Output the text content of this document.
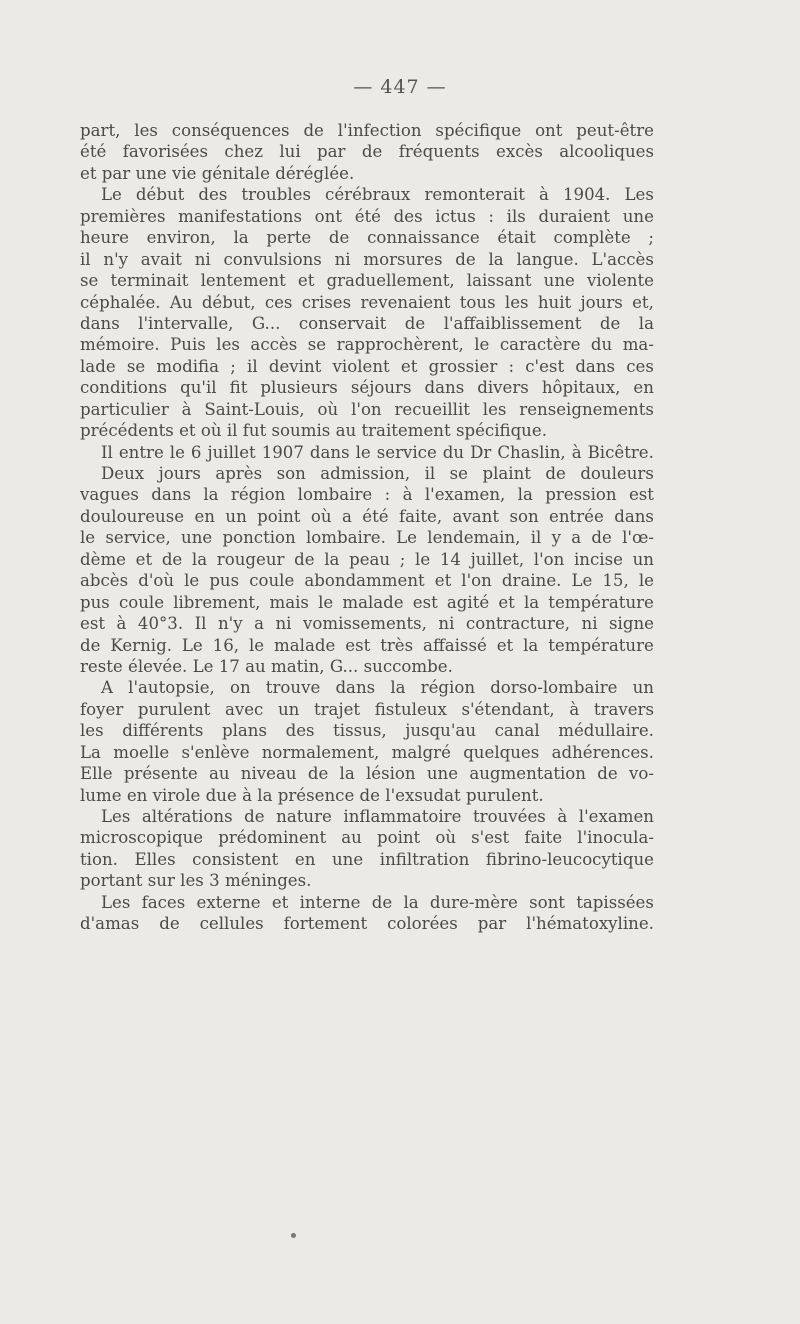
— 447 —
part, les conséquences de l'infection spécifique ont peut-être
été favorisées chez lui par de fréquents excès alcooliques
et par une vie génitale déréglée.
Le début des troubles cérébraux remonterait à 1904. Les
premières manifestations ont été des ictus : ils duraient une
heure environ, la perte de connaissance était complète ;
il n'y avait ni convulsions ni morsures de la langue. L'accès
se terminait lentement et graduellement, laissant une violente
céphalée. Au début, ces crises revenaient tous les huit jours et,
dans l'intervalle, G... conservait de l'affaiblissement de la
mémoire. Puis les accès se rapprochèrent, le caractère du ma-
lade se modifia ; il devint violent et grossier : c'est dans ces
conditions qu'il fit plusieurs séjours dans divers hôpitaux, en
particulier à Saint-Louis, où l'on recueillit les renseignements
précédents et où il fut soumis au traitement spécifique.
Il entre le 6 juillet 1907 dans le service du Dr Chaslin, à Bicêtre.
Deux jours après son admission, il se plaint de douleurs
vagues dans la région lombaire : à l'examen, la pression est
douloureuse en un point où a été faite, avant son entrée dans
le service, une ponction lombaire. Le lendemain, il y a de l'œ-
dème et de la rougeur de la peau ; le 14 juillet, l'on incise un
abcès d'où le pus coule abondamment et l'on draine. Le 15, le
pus coule librement, mais le malade est agité et la température
est à 40°3. Il n'y a ni vomissements, ni contracture, ni signe
de Kernig. Le 16, le malade est très affaissé et la température
reste élevée. Le 17 au matin, G... succombe.
A l'autopsie, on trouve dans la région dorso-lombaire un
foyer purulent avec un trajet fistuleux s'étendant, à travers
les différents plans des tissus, jusqu'au canal médullaire.
La moelle s'enlève normalement, malgré quelques adhérences.
Elle présente au niveau de la lésion une augmentation de vo-
lume en virole due à la présence de l'exsudat purulent.
Les altérations de nature inflammatoire trouvées à l'examen
microscopique prédominent au point où s'est faite l'inocula-
tion. Elles consistent en une infiltration fibrino-leucocytique
portant sur les 3 méninges.
Les faces externe et interne de la dure-mère sont tapissées
d'amas de cellules fortement colorées par l'hématoxyline.
